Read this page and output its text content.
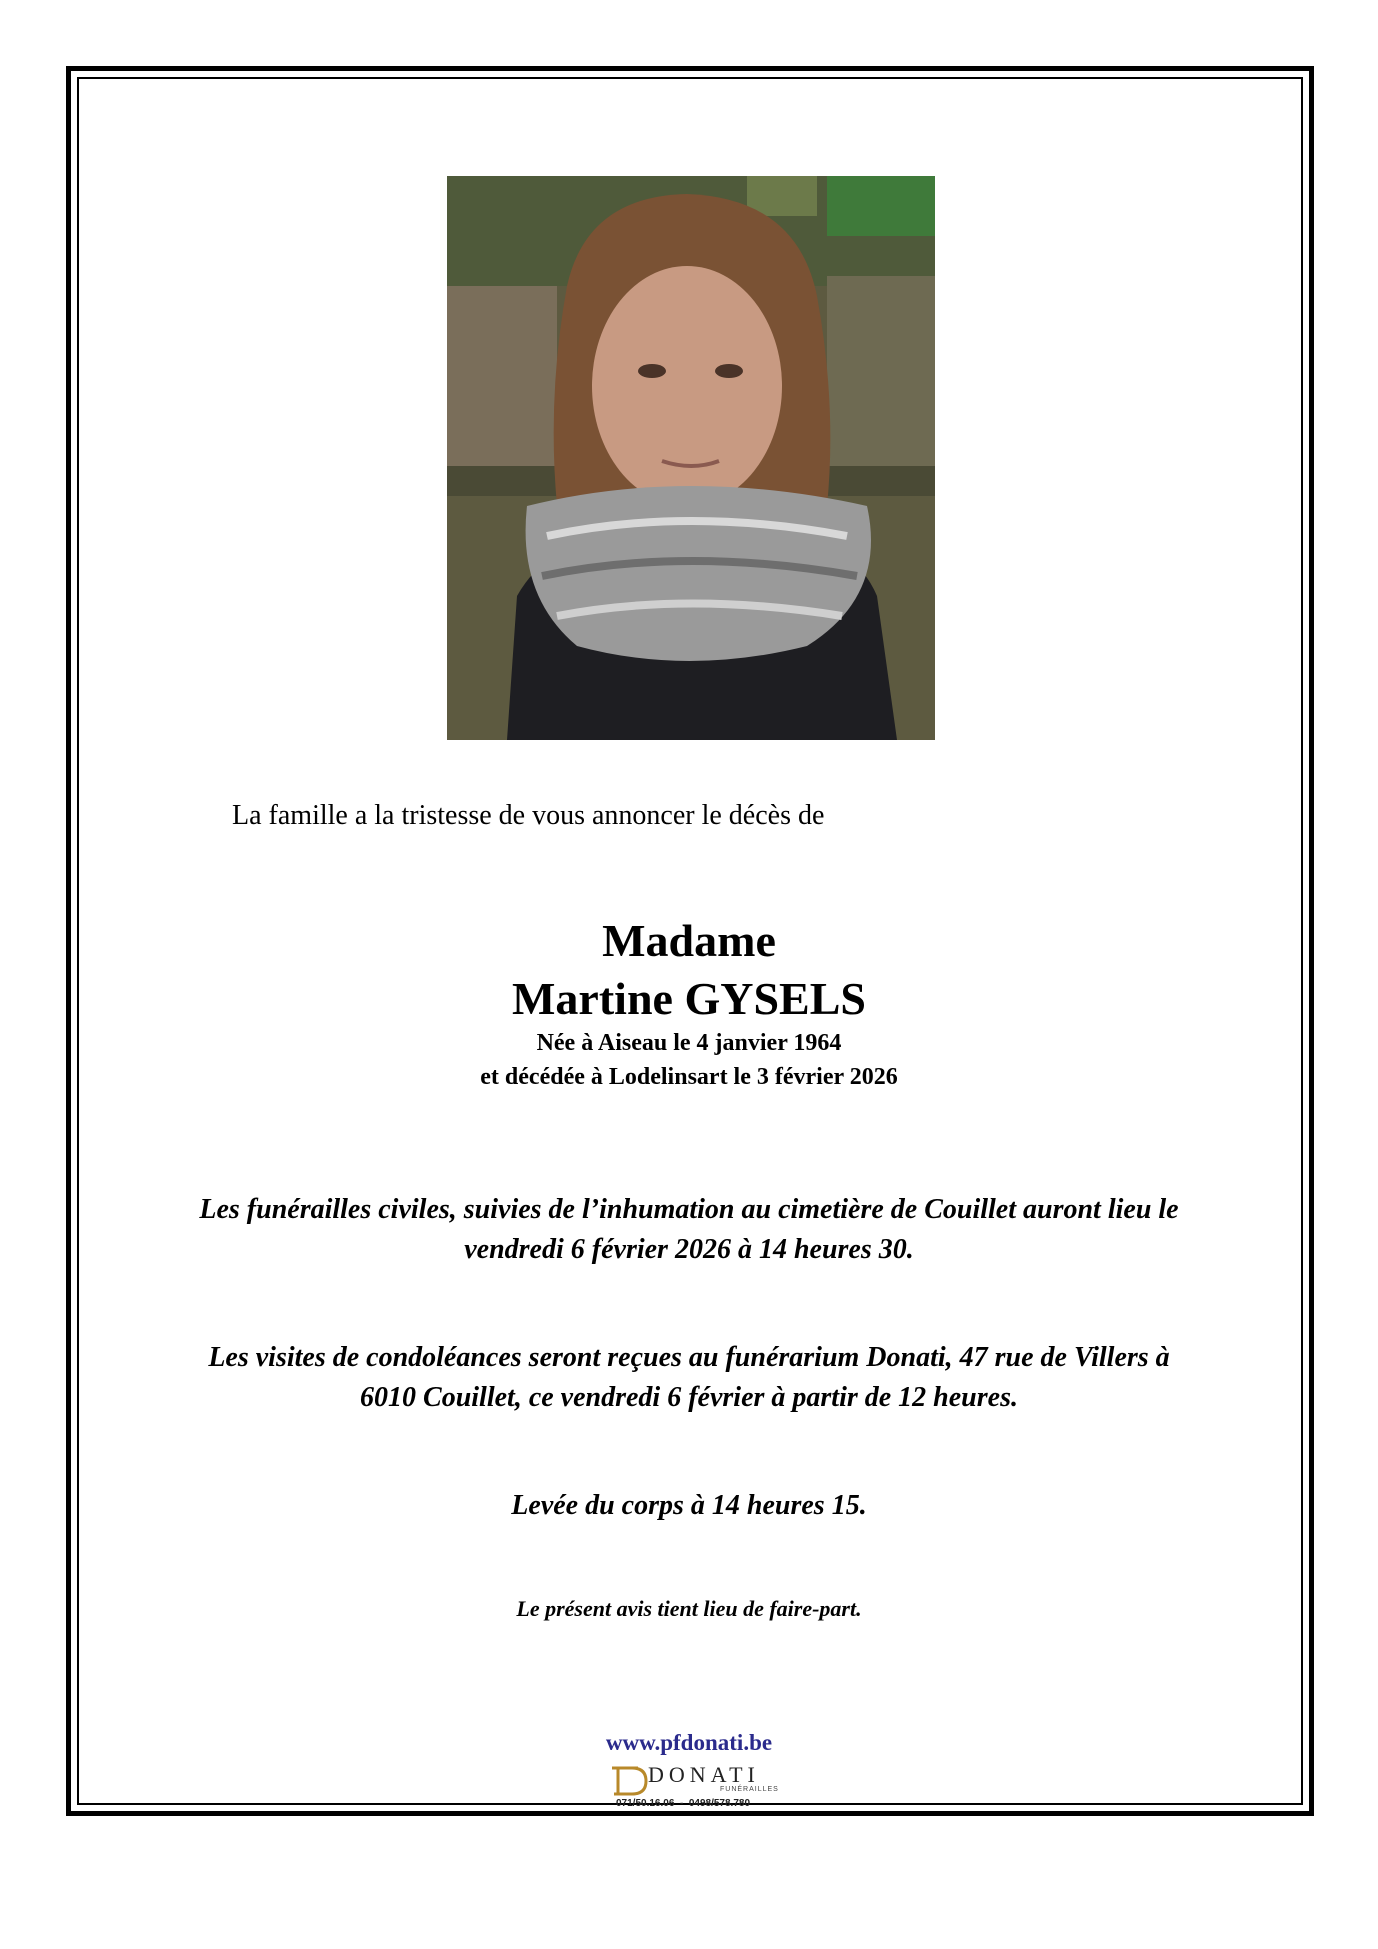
La famille a la tristesse de vous annoncer le décès de

Madame

Martine GYSELS

Née à Aiseau le 4 janvier 1964

et décédée à Lodelinsart le 3 février 2026

Les funérailles civiles, suivies de l’inhumation au cimetière de Couillet auront lieu le
vendredi 6 février 2026 à 14 heures 30.
Les visites de condoléances seront reçues au funérarium Donati, 47 rue de Villers à
6010 Couillet, ce vendredi 6 février à partir de 12 heures.

Levée du corps à 14 heures 15.

Le présent avis tient lieu de faire-part.

www.pfdonati.be

DONATI
FUNÉRAILLES
071/50.16.06  -  0498/578.780
